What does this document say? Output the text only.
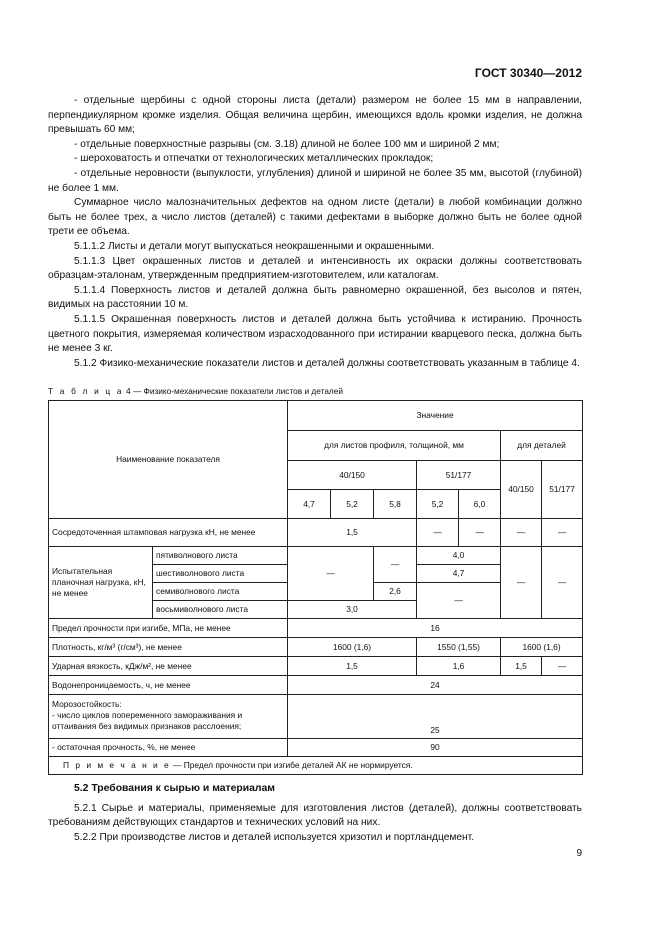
ГОСТ 30340—2012

- отдельные щербины с одной стороны листа (детали) размером не более 15 мм в направлении, перпендикулярном кромке изделия. Общая величина щербин, имеющихся вдоль кромки изделия, не должна превышать 60 мм;

- отдельные поверхностные разрывы (см. 3.18) длиной не более 100 мм и шириной 2 мм;

- шероховатость и отпечатки от технологических металлических прокладок;

- отдельные неровности (выпуклости, углубления) длиной и шириной не более 35 мм, высотой (глубиной) не более 1 мм.

Суммарное число малозначительных дефектов на одном листе (детали) в любой комбинации должно быть не более трех, а число листов (деталей) с такими дефектами в выборке должно быть не более одной трети ее объема.

5.1.1.2 Листы и детали могут выпускаться неокрашенными и окрашенными.

5.1.1.3 Цвет окрашенных листов и деталей и интенсивность их окраски должны соответствовать образцам-эталонам, утвержденным предприятием-изготовителем, или каталогам.

5.1.1.4 Поверхность листов и деталей должна быть равномерно окрашенной, без высолов и пятен, видимых на расстоянии 10 м.

5.1.1.5 Окрашенная поверхность листов и деталей должна быть устойчива к истиранию. Прочность цветного покрытия, измеряемая количеством израсходованного при истирании кварцевого песка, должна быть не менее 3 кг.

5.1.2 Физико-механические показатели листов и деталей должны соответствовать указанным в таблице 4.

Т а б л и ц а 4 — Физико-механические показатели листов и деталей
Наименование показателя		Значение						
		для листов профиля, толщиной, мм					для деталей	
		40/150			51/177		40/150	51/177
		4,7	5,2	5,8	5,2	6,0		
Сосредоточенная штамповая нагрузка кН, не менее		1,5			—	—	—	—
Испытательная планочная нагрузка, кН, не менее	пятиволнового листа	—		—	4,0		—	—
	шестиволнового листа				4,7			
	семиволнового листа			2,6	—			
	восьмиволнового листа	3,0						
Предел прочности при изгибе, МПа, не менее		16						
Плотность, кг/м³ (г/см³), не менее		1600 (1,6)			1550 (1,55)		1600 (1,6)	
Ударная вязкость, кДж/м², не менее		1,5			1,6		1,5	—
Водонепроницаемость, ч, не менее		24						

Морозостойкость:
- число циклов попеременного замораживания и оттаивания без видимых признаков расслоения;		25						
- остаточная прочность, %, не менее		90						
П р и м е ч а н и е — Предел прочности при изгибе деталей АК не нормируется.								
5.2 Требования к сырью и материалам

5.2.1 Сырье и материалы, применяемые для изготовления листов (деталей), должны соответствовать требованиям действующих стандартов и технических условий на них.

5.2.2 При производстве листов и деталей используется хризотил и портландцемент.

9
